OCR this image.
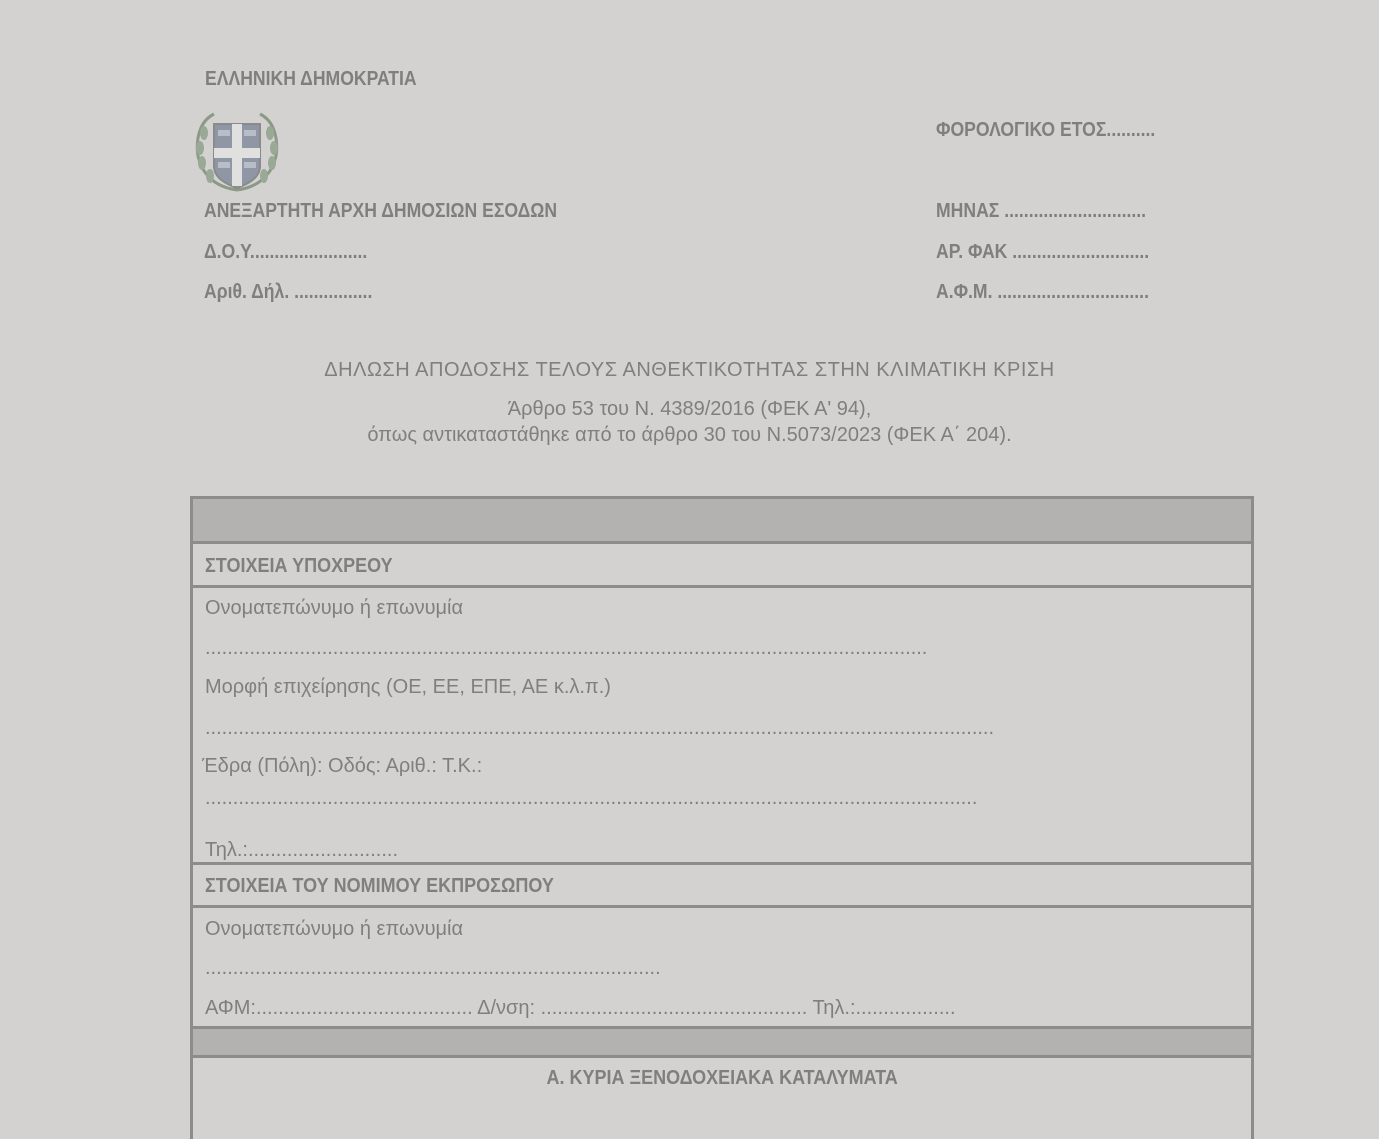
ΕΛΛΗΝΙΚΗ ΔΗΜΟΚΡΑΤΙΑ
ΑΝΕΞΑΡΤΗΤΗ ΑΡΧΗ ΔΗΜΟΣΙΩΝ ΕΣΟΔΩΝ
Δ.Ο.Υ........................
Αριθ. Δήλ. ................
ΦΟΡΟΛΟΓΙΚΟ ΕΤΟΣ..........
ΜΗΝΑΣ .............................
ΑΡ. ΦΑΚ ............................
Α.Φ.Μ. ...............................
ΔΗΛΩΣΗ ΑΠΟΔΟΣΗΣ ΤΕΛΟΥΣ ΑΝΘΕΚΤΙΚΟΤΗΤΑΣ ΣΤΗΝ ΚΛΙΜΑΤΙΚΗ ΚΡΙΣΗ
Άρθρο 53 του Ν. 4389/2016 (ΦΕΚ Α' 94),
όπως αντικαταστάθηκε από το άρθρο 30 του Ν.5073/2023 (ΦΕΚ Α΄ 204).
ΣΤΟΙΧΕΙΑ ΥΠΟΧΡΕΟΥ
Ονοματεπώνυμο ή επωνυμία
..................................................................................................................................
Μορφή επιχείρησης (ΟΕ, ΕΕ, ΕΠΕ, ΑΕ κ.λ.π.)
..............................................................................................................................................
Έδρα (Πόλη): Οδός: Αριθ.: Τ.Κ.:
...........................................................................................................................................
Τηλ.:...........................
ΣΤΟΙΧΕΙΑ ΤΟΥ ΝΟΜΙΜΟΥ ΕΚΠΡΟΣΩΠΟΥ
Ονοματεπώνυμο ή επωνυμία
..................................................................................
ΑΦΜ:....................................... Δ/νση: ................................................ Τηλ.:..................
Α. ΚΥΡΙΑ ΞΕΝΟΔΟΧΕΙΑΚΑ ΚΑΤΑΛΥΜΑΤΑ
